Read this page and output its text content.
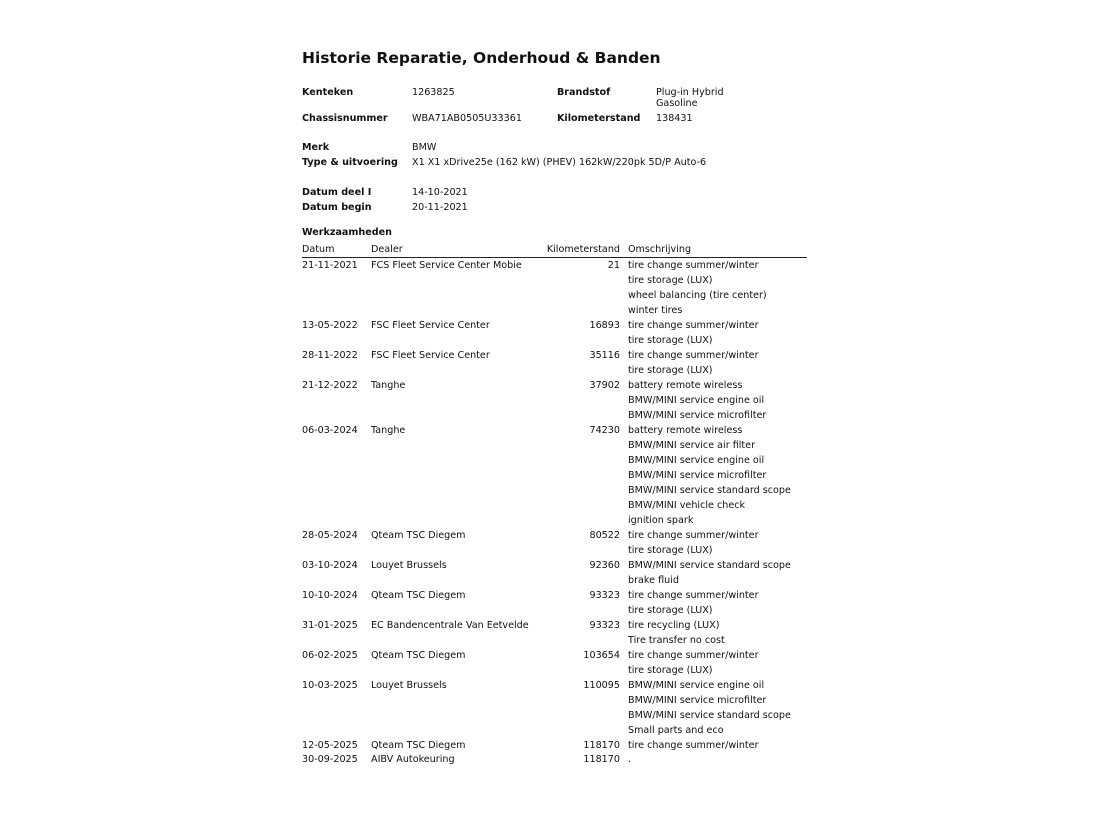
Historie Reparatie, Onderhoud & Banden
Kenteken	1263825	Brandstof	Plug-in Hybrid
Gasoline
Chassisnummer	WBA71AB0505U33361	Kilometerstand 138431
Merk	BMW
Type & uitvoering X1 X1 xDrive25e (162 kW) (PHEV) 162kW/220pk 5D/P Auto-6
Datum deel I	14-10-2021
Datum begin	20-11-2021
Werkzaamheden
Datum	Dealer	Kilometerstand Omschrijving
21-11-2021 FCS Fleet Service Center Mobie	21 tire change summer/winter
tire storage (LUX)
wheel balancing (tire center)
winter tires
13-05-2022 FSC Fleet Service Center	16893 tire change summer/winter
tire storage (LUX)
28-11-2022 FSC Fleet Service Center	35116 tire change summer/winter
tire storage (LUX)
21-12-2022 Tanghe	37902 battery remote wireless
BMW/MINI service engine oil
BMW/MINI service microfilter
06-03-2024 Tanghe	74230 battery remote wireless
BMW/MINI service air filter
BMW/MINI service engine oil
BMW/MINI service microfilter
BMW/MINI service standard scope
BMW/MINI vehicle check
ignition spark
28-05-2024 Qteam TSC Diegem	80522 tire change summer/winter
tire storage (LUX)
03-10-2024 Louyet Brussels	92360 BMW/MINI service standard scope
brake fluid
10-10-2024 Qteam TSC Diegem	93323 tire change summer/winter
tire storage (LUX)
31-01-2025 EC Bandencentrale Van Eetvelde	93323 tire recycling (LUX)
Tire transfer no cost
06-02-2025 Qteam TSC Diegem	103654 tire change summer/winter
tire storage (LUX)
10-03-2025 Louyet Brussels	110095 BMW/MINI service engine oil
BMW/MINI service microfilter
BMW/MINI service standard scope
Small parts and eco
12-05-2025 Qteam TSC Diegem	118170 tire change summer/winter
30-09-2025 AIBV Autokeuring	118170 .
